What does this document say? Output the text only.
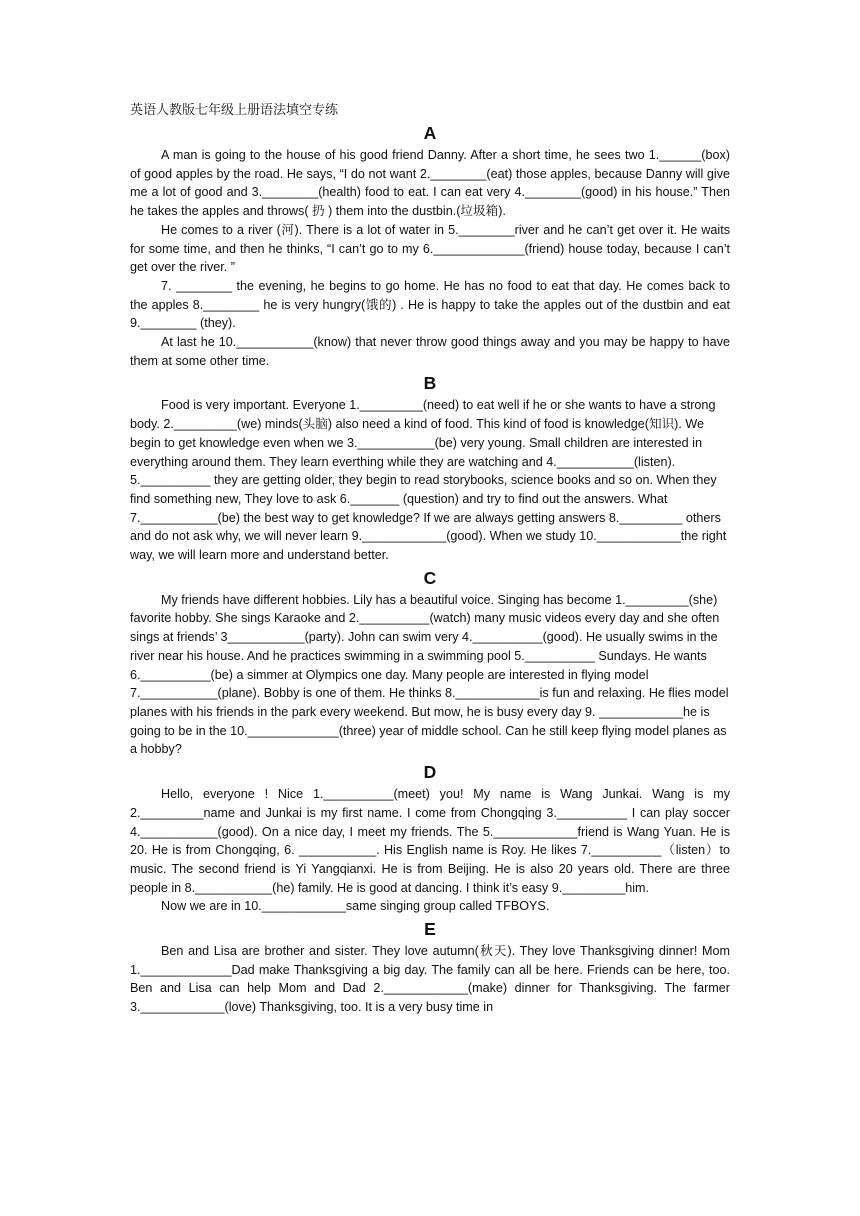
英语人教版七年级上册语法填空专练
A

A man is going to the house of his good friend Danny. After a short time, he sees two 1.______(box) of good apples by the road. He says, “I do not want 2.________(eat) those apples, because Danny will give me a lot of good and 3.________(health) food to eat. I can eat very 4.________(good) in his house.” Then he takes the apples and throws( 扔 ) them into the dustbin.(垃圾箱).

He comes to a river (河). There is a lot of water in 5.________river and he can’t get over it. He waits for some time, and then he thinks, “I can’t go to my 6._____________(friend) house today, because I can’t get over the river. ”

7. ________ the evening, he begins to go home. He has no food to eat that day. He comes back to the apples 8.________ he is very hungry(饿的) . He is happy to take the apples out of the dustbin and eat 9.________ (they).

At last he 10.___________(know) that never throw good things away and you may be happy to have them at some other time.

B

Food is very important. Everyone 1._________(need) to eat well if he or she wants to have a strong body. 2._________(we) minds(头脑) also need a kind of food. This kind of food is knowledge(知识). We begin to get knowledge even when we 3.___________(be) very young. Small children are interested in everything around them. They learn everthing while they are watching and 4.___________(listen). 5.__________ they are getting older, they begin to read storybooks, science books and so on. When they find something new, They love to ask 6._______ (question) and try to find out the answers. What 7.___________(be) the best way to get knowledge? If we are always getting answers 8._________ others and do not ask why, we will never learn 9.____________(good). When we study 10.____________the right way, we will learn more and understand better.

C

My friends have different hobbies. Lily has a beautiful voice. Singing has become 1._________(she) favorite hobby. She sings Karaoke and 2.__________(watch) many music videos every day and she often sings at friends’ 3___________(party). John can swim very 4.__________(good). He usually swims in the river near his house. And he practices swimming in a swimming pool 5.__________ Sundays. He wants 6.__________(be) a simmer at Olympics one day. Many people are interested in flying model 7.___________(plane). Bobby is one of them. He thinks 8.____________is fun and relaxing. He flies model planes with his friends in the park every weekend. But mow, he is busy every day 9. ____________he is going to be in the 10._____________(three) year of middle school. Can he still keep flying model planes as a hobby?

D

Hello, everyone ! Nice 1.__________(meet) you! My name is Wang Junkai. Wang is my 2._________name and Junkai is my first name. I come from Chongqing 3.__________ I can play soccer 4.___________(good). On a nice day, I meet my friends. The 5.____________friend is Wang Yuan. He is 20. He is from Chongqing, 6. ___________. His English name is Roy. He likes 7.__________（listen）to music. The second friend is Yi Yangqianxi. He is from Beijing. He is also 20 years old. There are three people in 8.___________(he) family. He is good at dancing. I think it’s easy 9._________him.

Now we are in 10.____________same singing group called TFBOYS.

E

Ben and Lisa are brother and sister. They love autumn(秋天). They love Thanksgiving dinner! Mom 1._____________Dad make Thanksgiving a big day. The family can all be here. Friends can be here, too. Ben and Lisa can help Mom and Dad 2.____________(make) dinner for Thanksgiving. The farmer 3.____________(love) Thanksgiving, too. It is a very busy time in
